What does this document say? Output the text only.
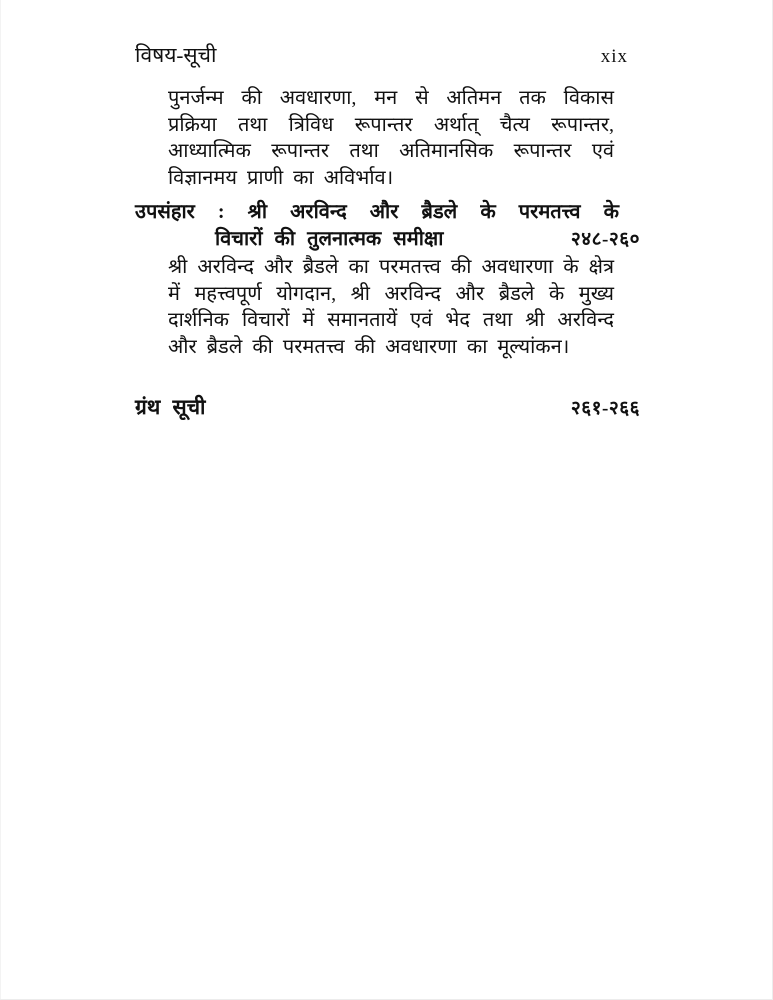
विषय-सूची	xix
पुनर्जन्म की अवधारणा, मन से अतिमन तक विकास प्रक्रिया तथा त्रिविध रूपान्तर अर्थात् चैत्य रूपान्तर, आध्यात्मिक रूपान्तर तथा अतिमानसिक रूपान्तर एवं विज्ञानमय प्राणी का अविर्भाव।
उपसंहार : श्री अरविन्द और ब्रैडले के परमतत्त्व के
विचारों की तुलनात्मक समीक्षा	२४८-२६०
श्री अरविन्द और ब्रैडले का परमतत्त्व की अवधारणा के क्षेत्र में महत्त्वपूर्ण योगदान, श्री अरविन्द और ब्रैडले के मुख्य दार्शनिक विचारों में समानतायें एवं भेद तथा श्री अरविन्द और ब्रैडले की परमतत्त्व की अवधारणा का मूल्यांकन।
ग्रंथ सूची	२६१-२६६
